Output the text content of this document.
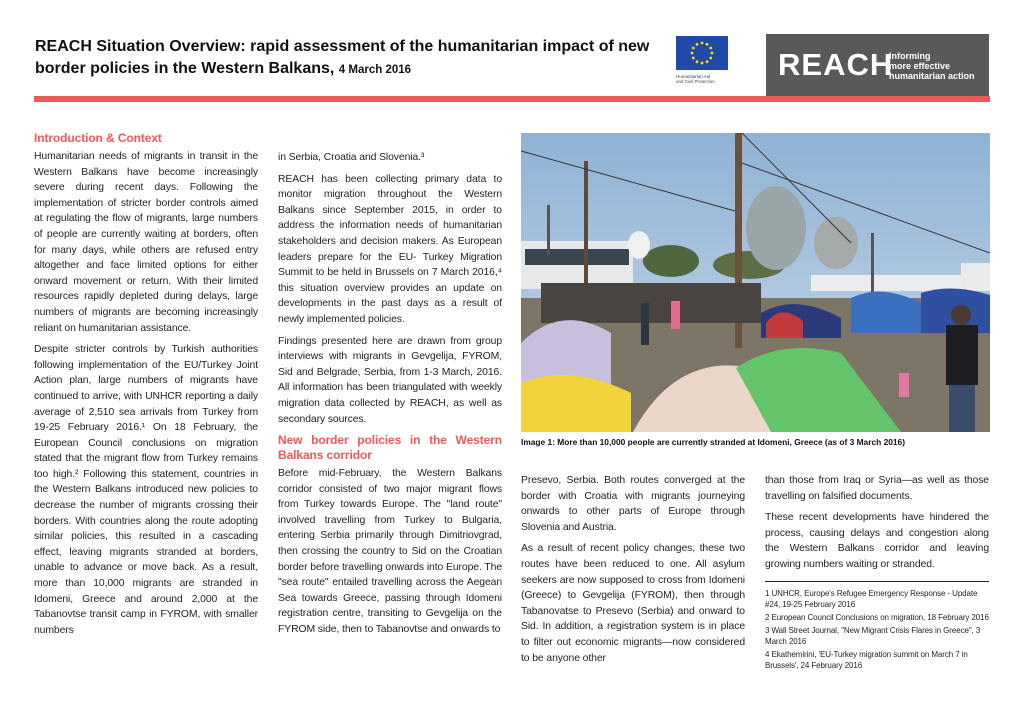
REACH Situation Overview: rapid assessment of the humanitarian impact of new border policies in the Western Balkans, 4 March 2016
Humanitarian Aid
and Civil Protection	REACH
Informing
more effective
humanitarian action
Introduction & Context

Humanitarian needs of migrants in transit in the Western Balkans have become increasingly severe during recent days. Following the implementation of stricter border controls aimed at regulating the flow of migrants, large numbers of people are currently waiting at borders, often for many days, while others are refused entry altogether and face limited options for either onward movement or return. With their limited resources rapidly depleted during delays, large numbers of migrants are becoming increasingly reliant on humanitarian assistance.

Despite stricter controls by Turkish authorities following implementation of the EU/Turkey Joint Action plan, large numbers of migrants have continued to arrive, with UNHCR reporting a daily average of 2,510 sea arrivals from Turkey from 19-25 February 2016.¹ On 18 February, the European Council conclusions on migration stated that the migrant flow from Turkey remains too high.² Following this statement, countries in the Western Balkans introduced new policies to decrease the number of migrants crossing their borders. With countries along the route adopting similar policies, this resulted in a cascading effect, leaving migrants stranded at borders, unable to advance or move back. As a result, more than 10,000 migrants are stranded in Idomeni, Greece and around 2,000 at the Tabanovtse transit camp in FYROM, with smaller numbers

in Serbia, Croatia and Slovenia.³

REACH has been collecting primary data to monitor migration throughout the Western Balkans since September 2015, in order to address the information needs of humanitarian stakeholders and decision makers. As European leaders prepare for the EU- Turkey Migration Summit to be held in Brussels on 7 March 2016,⁴ this situation overview provides an update on developments in the past days as a result of newly implemented policies.

Findings presented here are drawn from group interviews with migrants in Gevgelija, FYROM, Sid and Belgrade, Serbia, from 1-3 March, 2016. All information has been triangulated with weekly migration data collected by REACH, as well as secondary sources.

New border policies in the Western Balkans corridor

Before mid-February, the Western Balkans corridor consisted of two major migrant flows from Turkey towards Europe. The "land route" involved travelling from Turkey to Bulgaria, entering Serbia primarily through Dimitriovgrad, then crossing the country to Sid on the Croatian border before travelling onwards into Europe. The "sea route" entailed travelling across the Aegean Sea towards Greece, passing through Idomeni registration centre, transiting to Gevgelija on the FYROM side, then to Tabanovtse and onwards to

Image 1: More than 10,000 people are currently stranded at Idomeni, Greece (as of 3 March 2016)

Presevo, Serbia. Both routes converged at the border with Croatia with migrants journeying onwards to other parts of Europe through Slovenia and Austria.

As a result of recent policy changes, these two routes have been reduced to one. All asylum seekers are now supposed to cross from Idomeni (Greece) to Gevgelija (FYROM), then through Tabanovatse to Presevo (Serbia) and onward to Sid. In addition, a registration system is in place to filter out economic migrants—now considered to be anyone other

than those from Iraq or Syria—as well as those travelling on falsified documents.

These recent developments have hindered the process, causing delays and congestion along the Western Balkans corridor and leaving growing numbers waiting or stranded.

1 UNHCR, Europe's Refugee Emergency Response - Update #24, 19-25 February 2016
2 European Council Conclusions on migration, 18 February 2016
3 Wall Street Journal, "New Migrant Crisis Flares in Greece", 3 March 2016
4 Ekathemirini, 'EU-Turkey migration summit on March 7 in Brussels', 24 February 2016
